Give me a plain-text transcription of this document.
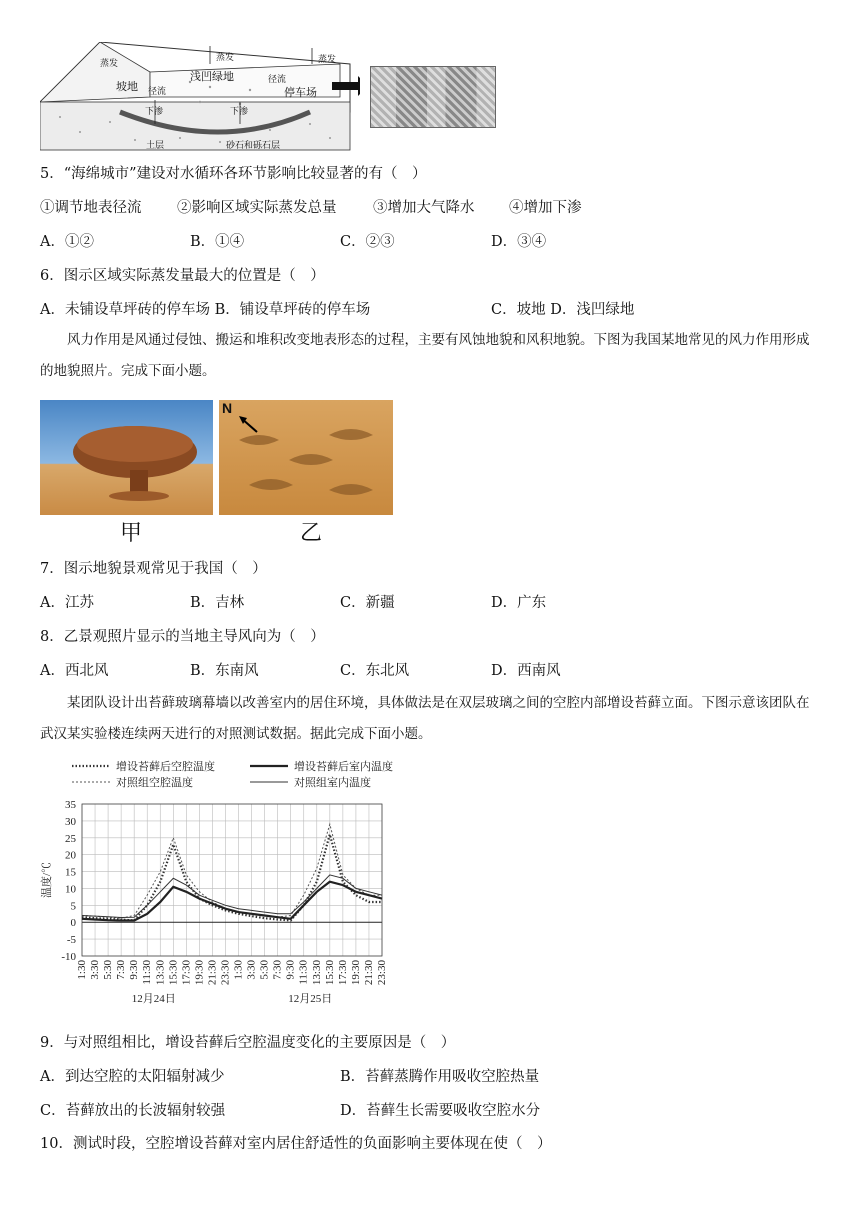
蒸发
坡地 径流
下渗
蒸发
浅凹绿地	径流
下渗
蒸发
停车场
土层	砂石和砾石层
5．“海绵城市”建设对水循环各环节影响比较显著的有（　）
①调节地表径流 ②影响区域实际蒸发总量	③增加大气降水 ④增加下渗
A．①②	B．①④	C．②③	D．③④
6．图示区域实际蒸发量最大的位置是（　）
A．未铺设草坪砖的停车场 B．铺设草坪砖的停车场	C．坡地 D．浅凹绿地
风力作用是风通过侵蚀、搬运和堆积改变地表形态的过程，主要有风蚀地貌和风积地貌。下图为我国某地常见的风力作用形成的地貌照片。完成下面小题。
N
甲	乙
7．图示地貌景观常见于我国（　）
A．江苏	B．吉林	C．新疆	D．广东
8．乙景观照片显示的当地主导风向为（　）
A．西北风	B．东南风	C．东北风	D．西南风
某团队设计出苔藓玻璃幕墙以改善室内的居住环境，具体做法是在双层玻璃之间的空腔内部增设苔藓立面。下图示意该团队在武汉某实验楼连续两天进行的对照测试数据。据此完成下面小题。
-10
-5
0
5
10
15
20
25
30
35
温度/℃
1:30 3:30 5:30 7:30 9:30 11:30 13:30 15:30 17:30 19:30 21:30 23:30 1:30 3:30 5:30 7:30 9:30 11:30 13:30 15:30 17:30 19:30 21:30 23:30
12月24日	12月25日
增设苔藓后空腔温度	增设苔藓后室内温度
对照组空腔温度	对照组室内温度
9．与对照组相比，增设苔藓后空腔温度变化的主要原因是（　）
A．到达空腔的太阳辐射减少	B．苔藓蒸腾作用吸收空腔热量
C．苔藓放出的长波辐射较强	D．苔藓生长需要吸收空腔水分
10．测试时段，空腔增设苔藓对室内居住舒适性的负面影响主要体现在使（　）
